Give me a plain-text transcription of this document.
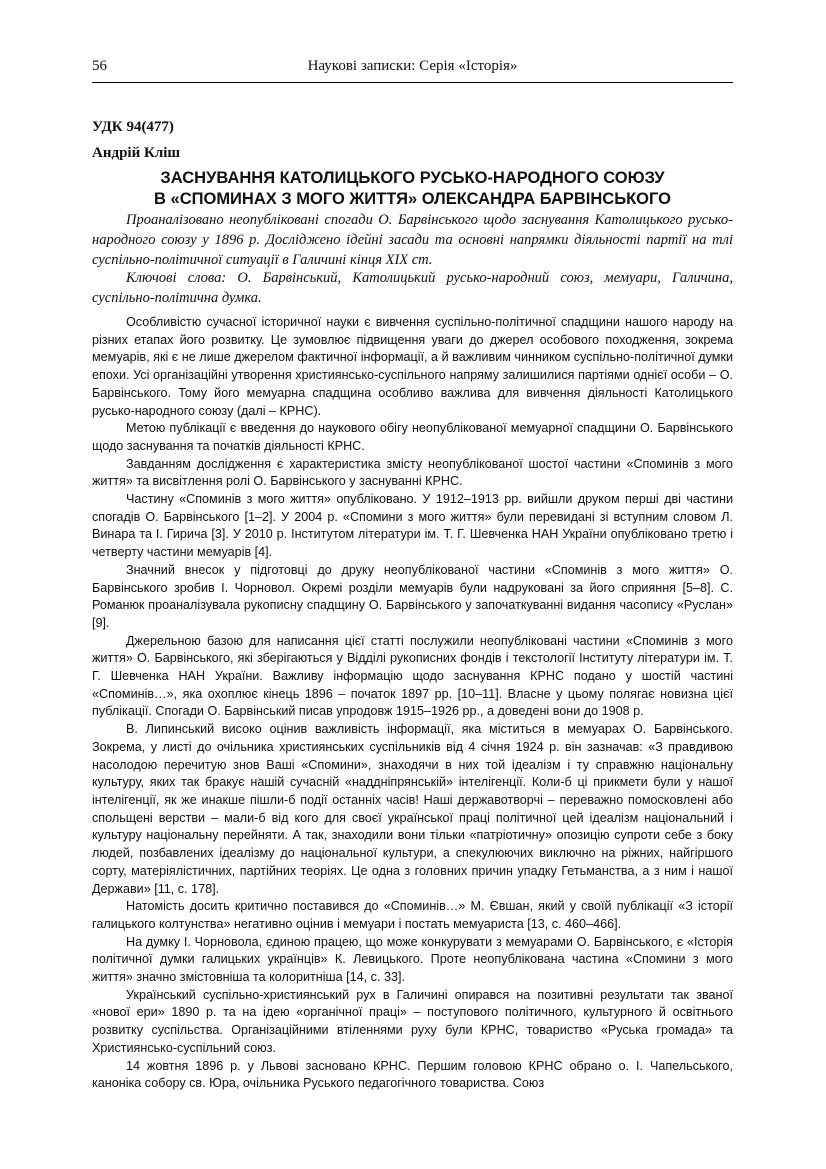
56	Наукові записки: Серія «Історія»
УДК 94(477)
Андрій Кліш
ЗАСНУВАННЯ КАТОЛИЦЬКОГО РУСЬКО-НАРОДНОГО СОЮЗУ
В «СПОМИНАХ З МОГО ЖИТТЯ» ОЛЕКСАНДРА БАРВІНСЬКОГО
Проаналізовано неопубліковані спогади О. Барвінського щодо заснування Католицького русько-народного союзу у 1896 р. Досліджено ідейні засади та основні напрямки діяльності партії на тлі суспільно-політичної ситуації в Галичині кінця XIX ст.
Ключові слова: О. Барвінський, Католицький русько-народний союз, мемуари, Галичина, суспільно-політична думка.

Особливістю сучасної історичної науки є вивчення суспільно-політичної спадщини нашого народу на різних етапах його розвитку. Це зумовлює підвищення уваги до джерел особового походження, зокрема мемуарів, які є не лише джерелом фактичної інформації, а й важливим чинником суспільно-політичної думки епохи. Усі організаційні утворення християнсько-суспільного напряму залишилися партіями однієї особи – О. Барвінського. Тому його мемуарна спадщина особливо важлива для вивчення діяльності Католицького русько-народного союзу (далі – КРНС).

Метою публікації є введення до наукового обігу неопублікованої мемуарної спадщини О. Барвінського щодо заснування та початків діяльності КРНС.

Завданням дослідження є характеристика змісту неопублікованої шостої частини «Споминів з мого життя» та висвітлення ролі О. Барвінського у заснуванні КРНС.

Частину «Споминів з мого життя» опубліковано. У 1912–1913 рр. вийшли друком перші дві частини спогадів О. Барвінського [1–2]. У 2004 р. «Спомини з мого життя» були перевидані зі вступним словом Л. Винара та І. Гирича [3]. У 2010 р. Інститутом літератури ім. Т. Г. Шевченка НАН України опубліковано третю і четверту частини мемуарів [4].

Значний внесок у підготовці до друку неопублікованої частини «Споминів з мого життя» О. Барвінського зробив І. Чорновол. Окремі розділи мемуарів були надруковані за його сприяння [5–8]. С. Романюк проаналізувала рукописну спадщину О. Барвінського у започаткуванні видання часопису «Руслан» [9].

Джерельною базою для написання цієї статті послужили неопубліковані частини «Споминів з мого життя» О. Барвінського, які зберігаються у Відділі рукописних фондів і текстології Інституту літератури ім. Т. Г. Шевченка НАН України. Важливу інформацію щодо заснування КРНС подано у шостій частині «Споминів…», яка охоплює кінець 1896 – початок 1897 рр. [10–11]. Власне у цьому полягає новизна цієї публікації. Спогади О. Барвінський писав упродовж 1915–1926 рр., а доведені вони до 1908 р.

В. Липинський високо оцінив важливість інформації, яка міститься в мемуарах О. Барвінського. Зокрема, у листі до очільника християнських суспільників від 4 січня 1924 р. він зазначав: «З правдивою насолодою перечитую знов Ваші «Спомини», знаходячи в них той ідеалізм і ту справжню національну культуру, яких так бракує нашій сучасній «наддніпрянській» інтелігенції. Коли-б ці прикмети були у нашої інтелігенції, як же инакше пішли-б події останніх часів! Наші державотворчі – переважно помосковлені або спольщені верстви – мали-б від кого для своєї української праці політичної цей ідеалізм національний і культуру національну перейняти. А так, знаходили вони тільки «патріотичну» опозицію супроти себе з боку людей, позбавлених ідеалізму до національної культури, а спекулюючих виключно на ріжних, найгіршого сорту, матеріялістичних, партійних теоріях. Це одна з головних причин упадку Гетьманства, а з ним і нашої Держави» [11, с. 178].

Натомість досить критично поставився до «Споминів…» М. Євшан, який у своїй публікації «З історії галицького колтунства» негативно оцінив і мемуари і постать мемуариста [13, с. 460–466].

На думку І. Чорновола, єдиною працею, що може конкурувати з мемуарами О. Барвінського, є «Історія політичної думки галицьких українців» К. Левицького. Проте неопублікована частина «Спомини з мого життя» значно змістовніша та колоритніша [14, с. 33].

Український суспільно-християнський рух в Галичині опирався на позитивні результати так званої «нової ери» 1890 р. та на ідею «органічної праці» – поступового політичного, культурного й освітнього розвитку суспільства. Організаційними втіленнями руху були КРНС, товариство «Руська громада» та Християнсько-суспільний союз.

14 жовтня 1896 р. у Львові засновано КРНС. Першим головою КРНС обрано о. І. Чапельського, каноніка собору св. Юра, очільника Руського педагогічного товариства. Союз
